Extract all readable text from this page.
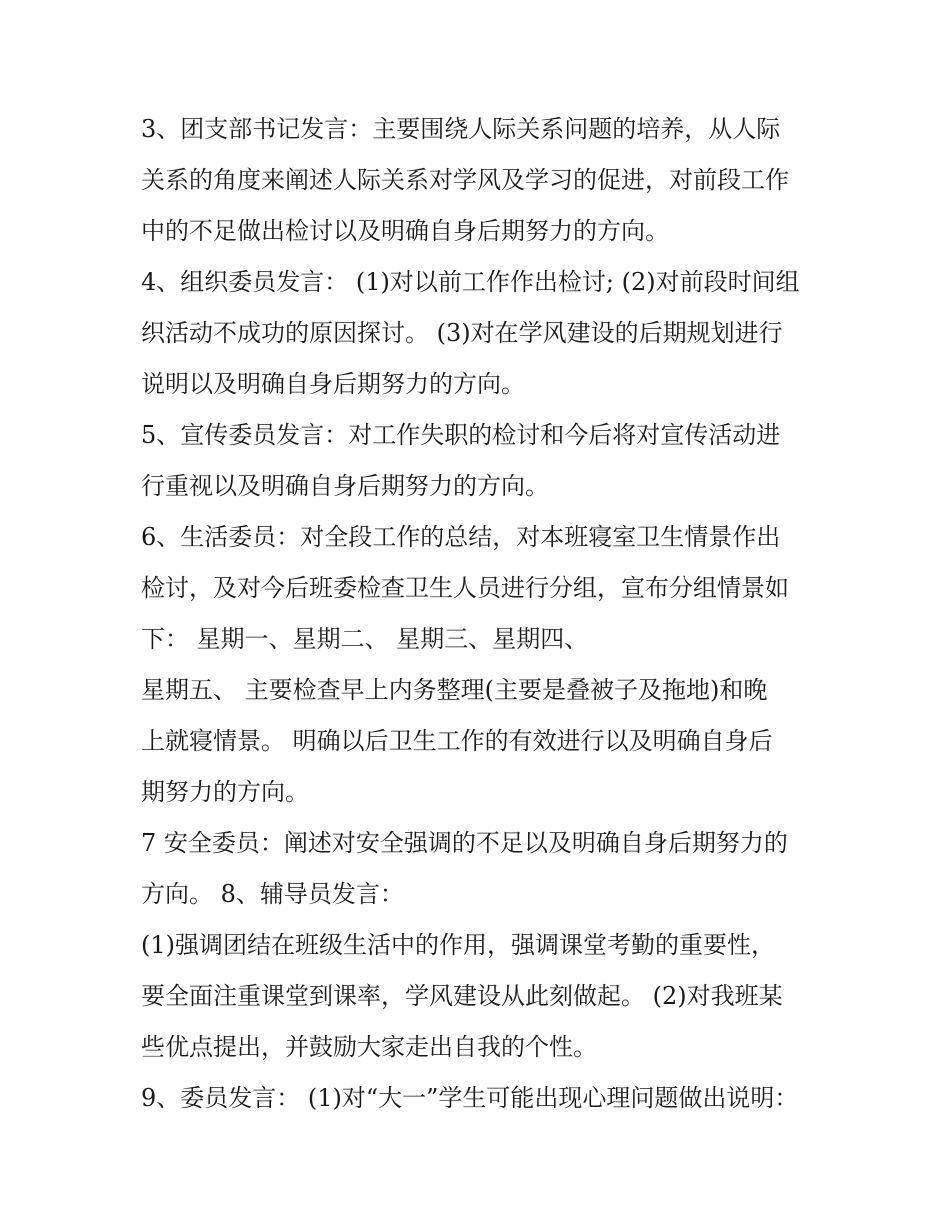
3、团支部书记发言：主要围绕人际关系问题的培养，从人际
关系的角度来阐述人际关系对学风及学习的促进，对前段工作
中的不足做出检讨以及明确自身后期努力的方向。
4、组织委员发言： (1)对以前工作作出检讨; (2)对前段时间组
织活动不成功的原因探讨。 (3)对在学风建设的后期规划进行
说明以及明确自身后期努力的方向。
5、宣传委员发言：对工作失职的检讨和今后将对宣传活动进
行重视以及明确自身后期努力的方向。
6、生活委员：对全段工作的总结，对本班寝室卫生情景作出
检讨，及对今后班委检查卫生人员进行分组，宣布分组情景如
下： 星期一、星期二、 星期三、星期四、
星期五、 主要检查早上内务整理(主要是叠被子及拖地)和晚
上就寝情景。 明确以后卫生工作的有效进行以及明确自身后
期努力的方向。
7 安全委员：阐述对安全强调的不足以及明确自身后期努力的
方向。 8、辅导员发言：
(1)强调团结在班级生活中的作用，强调课堂考勤的重要性，
要全面注重课堂到课率，学风建设从此刻做起。 (2)对我班某
些优点提出，并鼓励大家走出自我的个性。
9、委员发言： (1)对“大一”学生可能出现心理问题做出说明：
